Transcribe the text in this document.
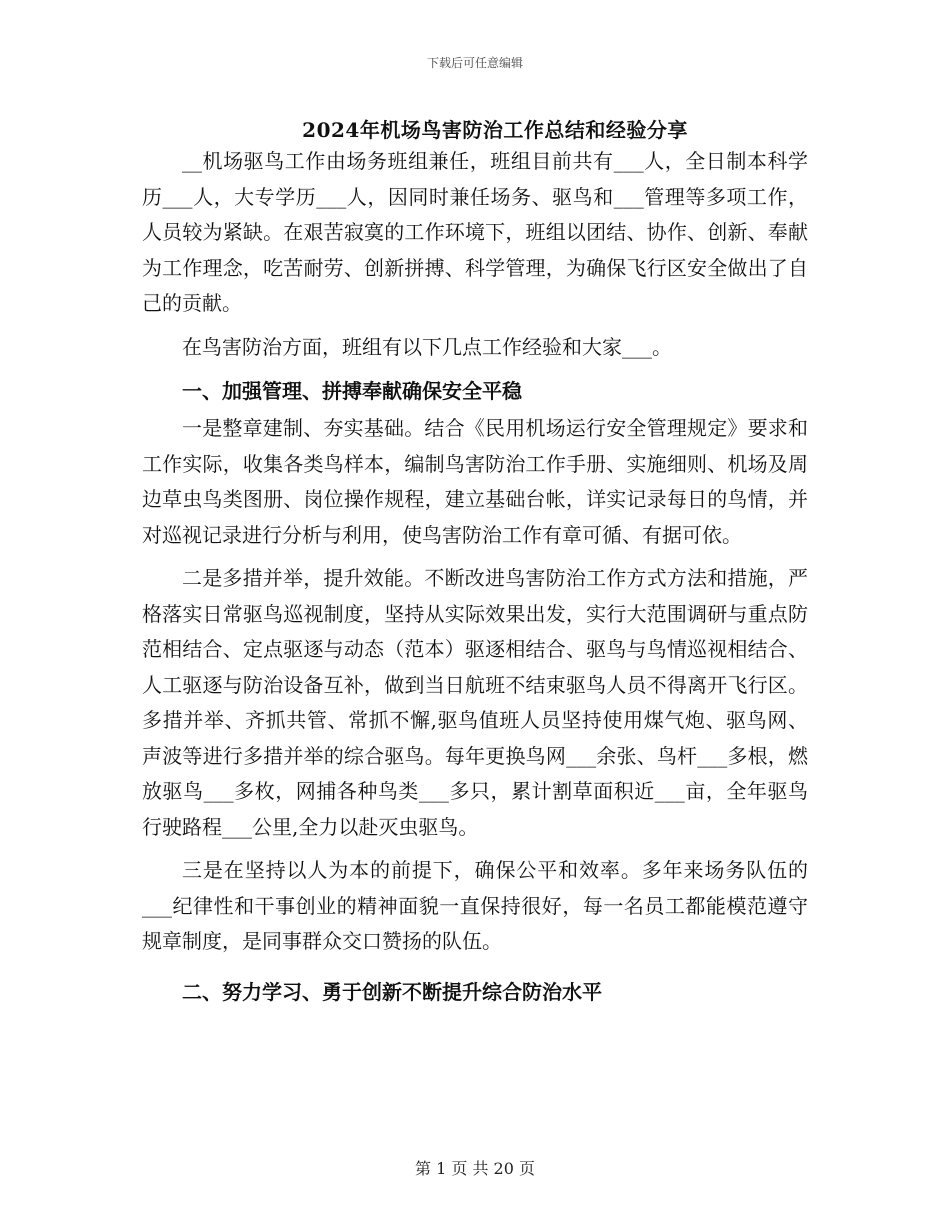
下载后可任意编辑
2024年机场鸟害防治工作总结和经验分享

__机场驱鸟工作由场务班组兼任，班组目前共有___人，全日制本科学历___人，大专学历___人，因同时兼任场务、驱鸟和___管理等多项工作，人员较为紧缺。在艰苦寂寞的工作环境下，班组以团结、协作、创新、奉献为工作理念，吃苦耐劳、创新拼搏、科学管理，为确保飞行区安全做出了自己的贡献。

在鸟害防治方面，班组有以下几点工作经验和大家___。

一、加强管理、拼搏奉献确保安全平稳

一是整章建制、夯实基础。结合《民用机场运行安全管理规定》要求和工作实际，收集各类鸟样本，编制鸟害防治工作手册、实施细则、机场及周边草虫鸟类图册、岗位操作规程，建立基础台帐，详实记录每日的鸟情，并对巡视记录进行分析与利用，使鸟害防治工作有章可循、有据可依。

二是多措并举，提升效能。不断改进鸟害防治工作方式方法和措施，严格落实日常驱鸟巡视制度，坚持从实际效果出发，实行大范围调研与重点防范相结合、定点驱逐与动态（范本）驱逐相结合、驱鸟与鸟情巡视相结合、人工驱逐与防治设备互补，做到当日航班不结束驱鸟人员不得离开飞行区。多措并举、齐抓共管、常抓不懈,驱鸟值班人员坚持使用煤气炮、驱鸟网、声波等进行多措并举的综合驱鸟。每年更换鸟网___余张、鸟杆___多根，燃放驱鸟___多枚，网捕各种鸟类___多只，累计割草面积近___亩，全年驱鸟行驶路程___公里,全力以赴灭虫驱鸟。

三是在坚持以人为本的前提下，确保公平和效率。多年来场务队伍的___纪律性和干事创业的精神面貌一直保持很好，每一名员工都能模范遵守规章制度，是同事群众交口赞扬的队伍。

二、努力学习、勇于创新不断提升综合防治水平
第 1 页 共 20 页
